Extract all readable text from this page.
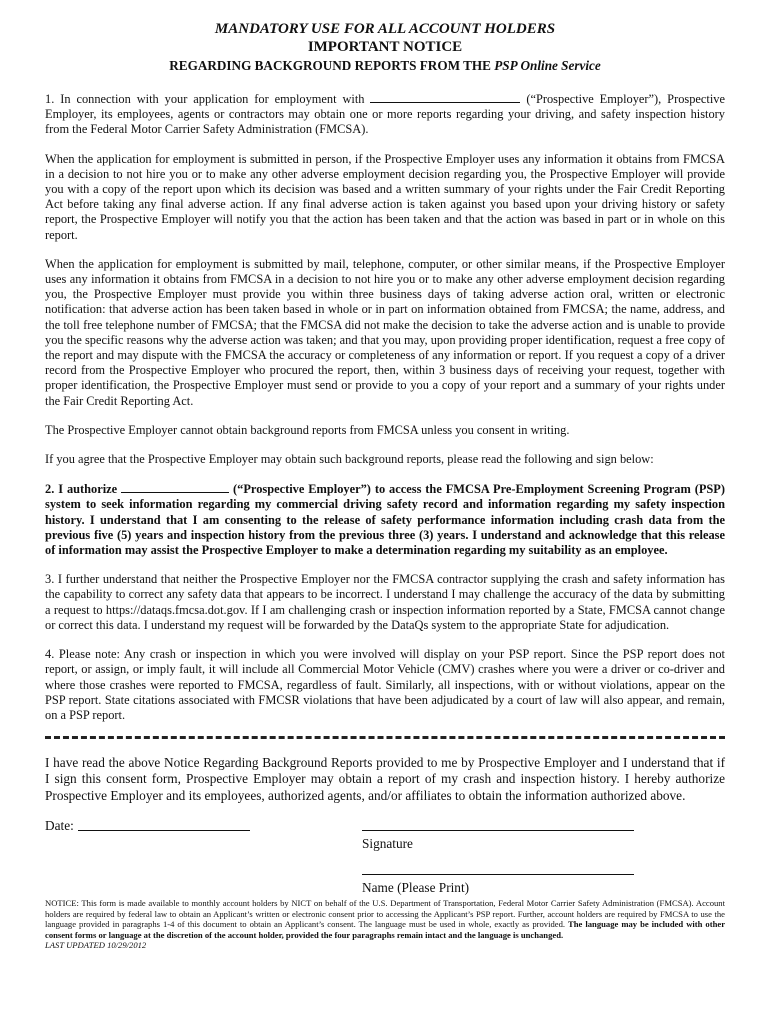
MANDATORY USE FOR ALL ACCOUNT HOLDERS

IMPORTANT NOTICE

REGARDING BACKGROUND REPORTS FROM THE PSP Online Service

1. In connection with your application for employment with	(“Prospective Employer”), Prospective Employer, its employees, agents or contractors may obtain one or more reports regarding your driving, and safety inspection history from the Federal Motor Carrier Safety Administration (FMCSA).

When the application for employment is submitted in person, if the Prospective Employer uses any information it obtains from FMCSA in a decision to not hire you or to make any other adverse employment decision regarding you, the Prospective Employer will provide you with a copy of the report upon which its decision was based and a written summary of your rights under the Fair Credit Reporting Act before taking any final adverse action. If any final adverse action is taken against you based upon your driving history or safety report, the Prospective Employer will notify you that the action has been taken and that the action was based in part or in whole on this report.

When the application for employment is submitted by mail, telephone, computer, or other similar means, if the Prospective Employer uses any information it obtains from FMCSA in a decision to not hire you or to make any other adverse employment decision regarding you, the Prospective Employer must provide you within three business days of taking adverse action oral, written or electronic notification: that adverse action has been taken based in whole or in part on information obtained from FMCSA; the name, address, and the toll free telephone number of FMCSA; that the FMCSA did not make the decision to take the adverse action and is unable to provide you the specific reasons why the adverse action was taken; and that you may, upon providing proper identification, request a free copy of the report and may dispute with the FMCSA the accuracy or completeness of any information or report. If you request a copy of a driver record from the Prospective Employer who procured the report, then, within 3 business days of receiving your request, together with proper identification, the Prospective Employer must send or provide to you a copy of your report and a summary of your rights under the Fair Credit Reporting Act.

The Prospective Employer cannot obtain background reports from FMCSA unless you consent in writing.

If you agree that the Prospective Employer may obtain such background reports, please read the following and sign below:

2. I authorize	(“Prospective Employer”) to access the FMCSA Pre-Employment Screening Program (PSP) system to seek information regarding my commercial driving safety record and information regarding my safety inspection history. I understand that I am consenting to the release of safety performance information including crash data from the previous five (5) years and inspection history from the previous three (3) years. I understand and acknowledge that this release of information may assist the Prospective Employer to make a determination regarding my suitability as an employee.

3. I further understand that neither the Prospective Employer nor the FMCSA contractor supplying the crash and safety information has the capability to correct any safety data that appears to be incorrect. I understand I may challenge the accuracy of the data by submitting a request to https://dataqs.fmcsa.dot.gov. If I am challenging crash or inspection information reported by a State, FMCSA cannot change or correct this data. I understand my request will be forwarded by the DataQs system to the appropriate State for adjudication.

4. Please note: Any crash or inspection in which you were involved will display on your PSP report. Since the PSP report does not report, or assign, or imply fault, it will include all Commercial Motor Vehicle (CMV) crashes where you were a driver or co-driver and where those crashes were reported to FMCSA, regardless of fault. Similarly, all inspections, with or without violations, appear on the PSP report. State citations associated with FMCSR violations that have been adjudicated by a court of law will also appear, and remain, on a PSP report.

I have read the above Notice Regarding Background Reports provided to me by Prospective Employer and I understand that if I sign this consent form, Prospective Employer may obtain a report of my crash and inspection history. I hereby authorize Prospective Employer and its employees, authorized agents, and/or affiliates to obtain the information authorized above.

Date:
Signature
Name (Please Print)

NOTICE: This form is made available to monthly account holders by NICT on behalf of the U.S. Department of Transportation, Federal Motor Carrier Safety Administration (FMCSA). Account holders are required by federal law to obtain an Applicant’s written or electronic consent prior to accessing the Applicant’s PSP report. Further, account holders are required by FMCSA to use the language provided in paragraphs 1-4 of this document to obtain an Applicant’s consent. The language must be used in whole, exactly as provided. The language may be included with other consent forms or language at the discretion of the account holder, provided the four paragraphs remain intact and the language is unchanged.

LAST UPDATED 10/29/2012
